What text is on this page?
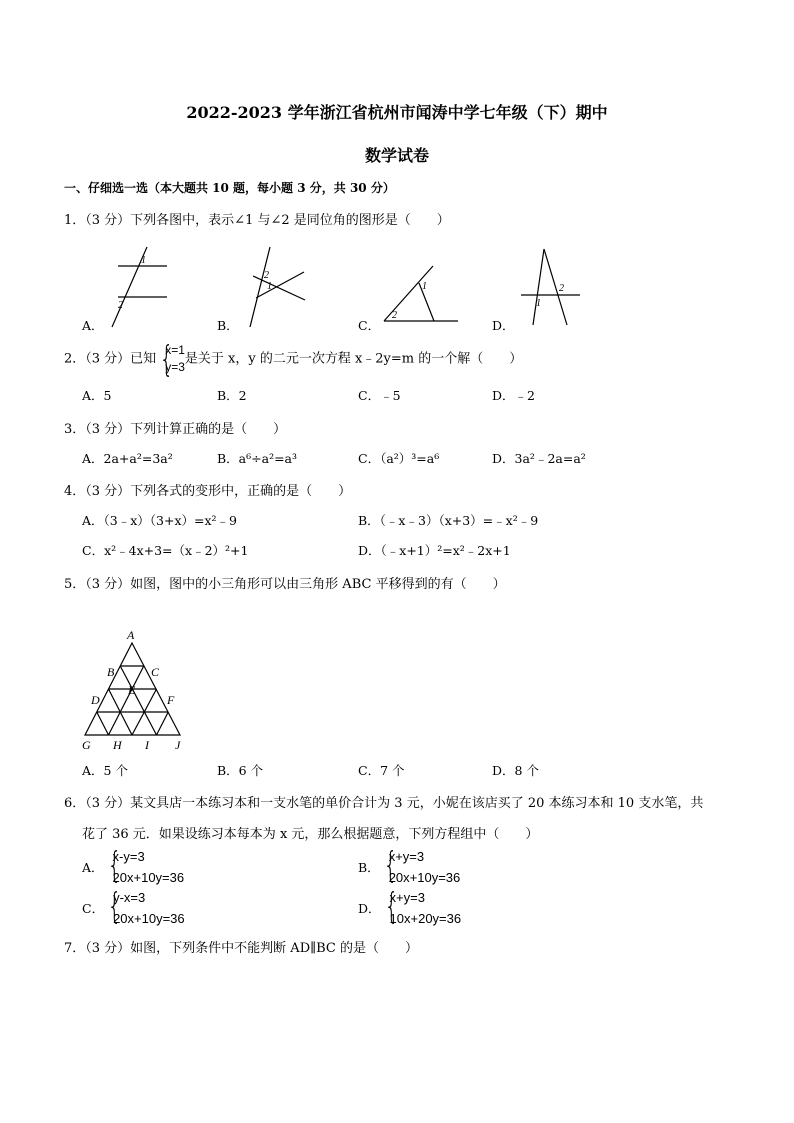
2022-2023 学年浙江省杭州市闻涛中学七年级（下）期中
数学试卷
一、仔细选一选（本大题共 10 题，每小题 3 分，共 30 分）
1．（3 分）下列各图中，表示∠1 与∠2 是同位角的图形是（　　）
1
2
1
2
1
2
1
2
A．	B．	C．	D．
2．（3 分）已知
{ x=1
y=3
是关于 x，y 的二元一次方程 x﹣2y=m 的一个解（　　）
A．5	B．2	C．﹣5	D．﹣2
3．（3 分）下列计算正确的是（　　）
A．2a+a²=3a²	B．a⁶÷a²=a³	C．（a²）³=a⁶	D．3a²﹣2a=a²
4．（3 分）下列各式的变形中，正确的是（　　）
A．（3﹣x）（3+x）=x²﹣9	B．（﹣x﹣3）（x+3）=﹣x²﹣9
C．x²﹣4x+3=（x﹣2）²+1	D．（﹣x+1）²=x²﹣2x+1
5．（3 分）如图，图中的小三角形可以由三角形 ABC 平移得到的有（　　）
A
B	C
D
E
F
G H I J
A．5 个	B．6 个	C．7 个	D．8 个
6．（3 分）某文具店一本练习本和一支水笔的单价合计为 3 元，小妮在该店买了 20 本练习本和 10 支水笔，共
花了 36 元．如果设练习本每本为 x 元，那么根据题意，下列方程组中（　　）
A．
{ x-y=3
20x+10y=36
B．
{ x+y=3
20x+10y=36
C．
{ y-x=3
20x+10y=36
D．
{ x+y=3
10x+20y=36
7．（3 分）如图，下列条件中不能判断 AD∥BC 的是（　　）
